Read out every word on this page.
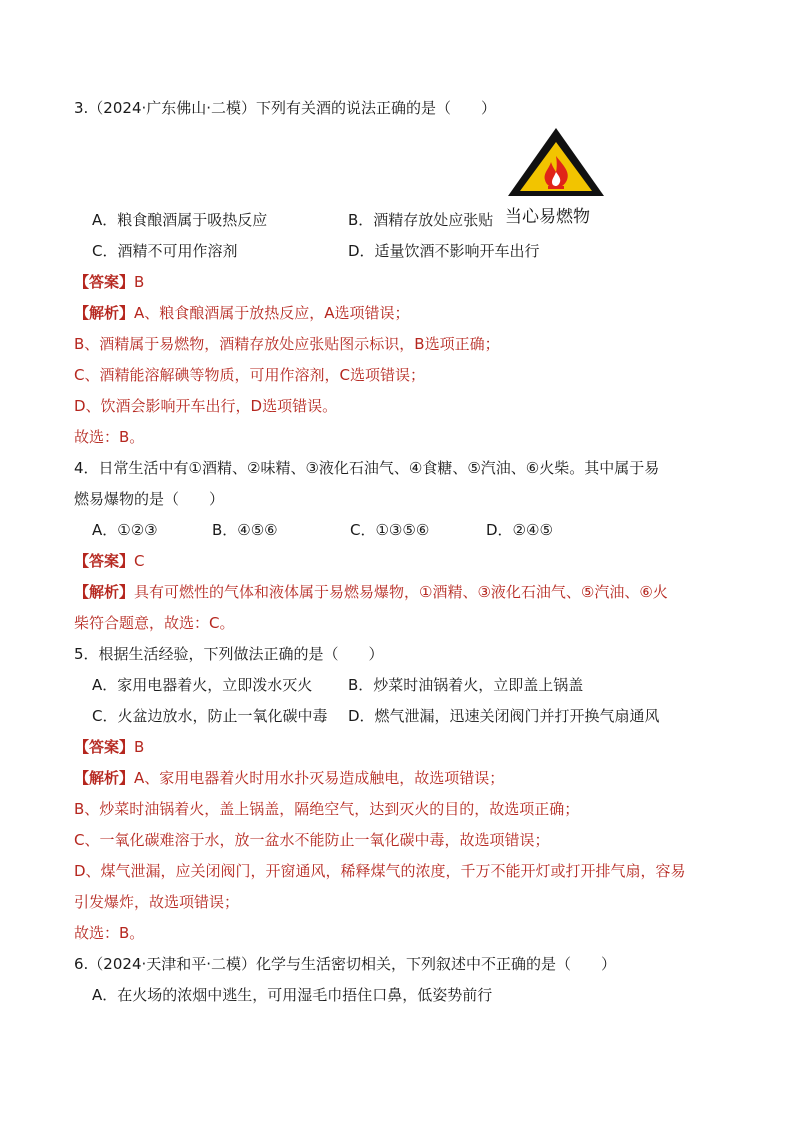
3.（2024·广东佛山·二模）下列有关酒的说法正确的是（　　）
当心易燃物
A．粮食酿酒属于吸热反应	B．酒精存放处应张贴
C．酒精不可用作溶剂	D．适量饮酒不影响开车出行
【答案】B
【解析】A、粮食酿酒属于放热反应，A选项错误；
B、酒精属于易燃物，酒精存放处应张贴图示标识，B选项正确；
C、酒精能溶解碘等物质，可用作溶剂，C选项错误；
D、饮酒会影响开车出行，D选项错误。
故选：B。
4．日常生活中有①酒精、②味精、③液化石油气、④食糖、⑤汽油、⑥火柴。其中属于易
燃易爆物的是（　　）
A．①②③	B．④⑤⑥	C．①③⑤⑥	D．②④⑤
【答案】C
【解析】具有可燃性的气体和液体属于易燃易爆物，①酒精、③液化石油气、⑤汽油、⑥火
柴符合题意，故选：C。
5．根据生活经验，下列做法正确的是（　　）
A．家用电器着火，立即泼水灭火 B．炒菜时油锅着火，立即盖上锅盖
C．火盆边放水，防止一氧化碳中毒 D．燃气泄漏，迅速关闭阀门并打开换气扇通风
【答案】B
【解析】A、家用电器着火时用水扑灭易造成触电，故选项错误；
B、炒菜时油锅着火，盖上锅盖，隔绝空气，达到灭火的目的，故选项正确；
C、一氧化碳难溶于水，放一盆水不能防止一氧化碳中毒，故选项错误；
D、煤气泄漏，应关闭阀门，开窗通风，稀释煤气的浓度，千万不能开灯或打开排气扇，容易
引发爆炸，故选项错误；
故选：B。
6.（2024·天津和平·二模）化学与生活密切相关，下列叙述中不正确的是（　　）
A．在火场的浓烟中逃生，可用湿毛巾捂住口鼻，低姿势前行
